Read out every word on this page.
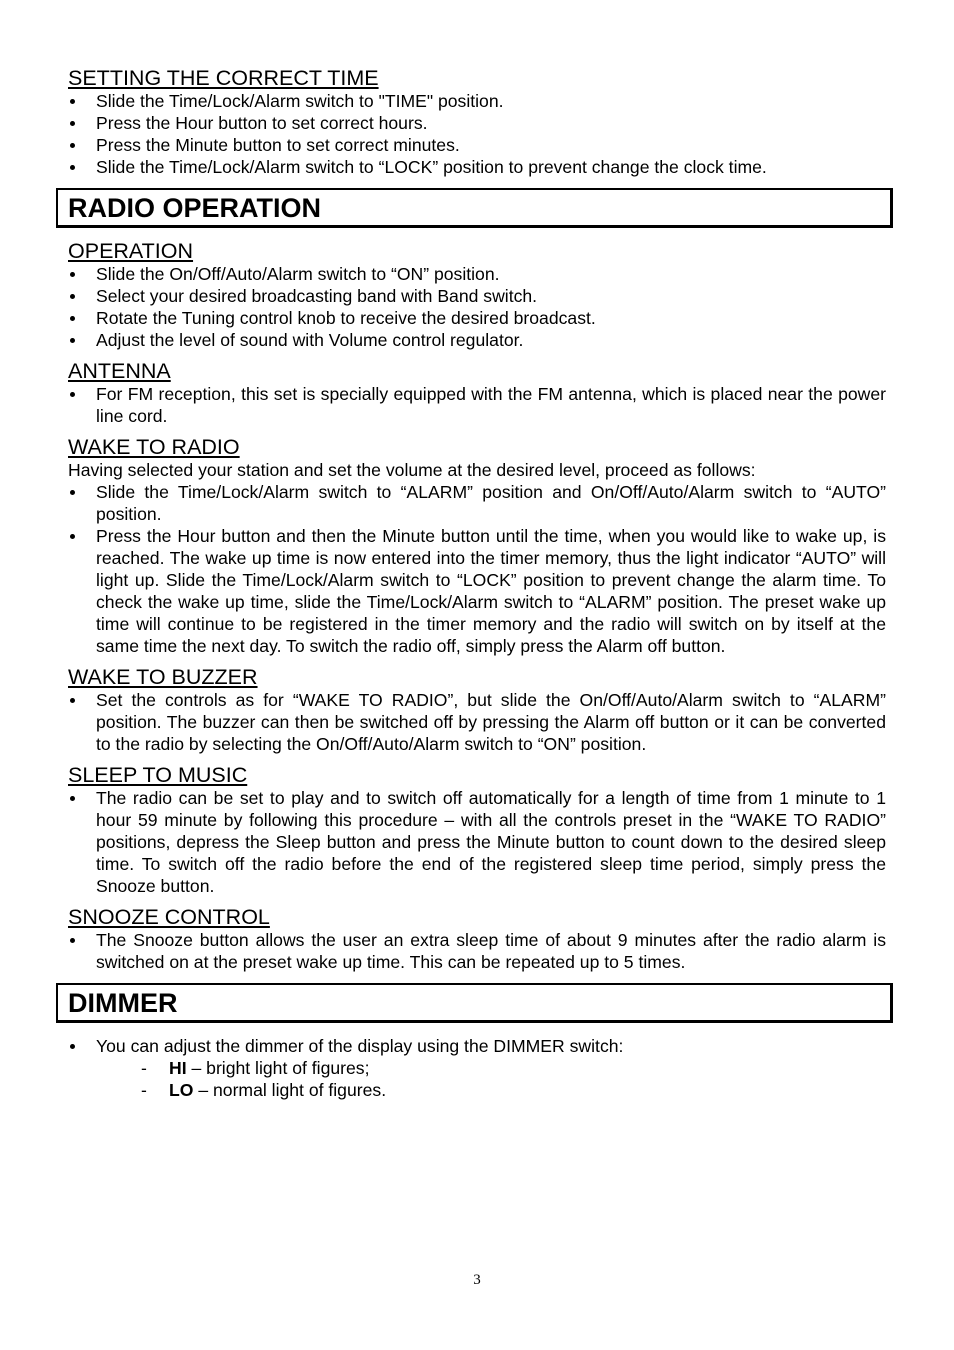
SETTING THE CORRECT TIME
Slide the Time/Lock/Alarm switch to "TIME" position.
Press the Hour button to set correct hours.
Press the Minute button to set correct minutes.
Slide the Time/Lock/Alarm switch to “LOCK” position to prevent change the clock time.
RADIO OPERATION
OPERATION
Slide the On/Off/Auto/Alarm switch to “ON” position.
Select your desired broadcasting band with Band switch.
Rotate the Tuning control knob to receive the desired broadcast.
Adjust the level of sound with Volume control regulator.
ANTENNA
For FM reception, this set is specially equipped with the FM antenna, which is placed near the power line cord.
WAKE TO RADIO

Having selected your station and set the volume at the desired level, proceed as follows:

Slide the Time/Lock/Alarm switch to “ALARM” position and On/Off/Auto/Alarm switch to “AUTO” position.
Press the Hour button and then the Minute button until the time, when you would like to wake up, is reached. The wake up time is now entered into the timer memory, thus the light indicator “AUTO” will light up. Slide the Time/Lock/Alarm switch to “LOCK” position to prevent change the alarm time. To check the wake up time, slide the Time/Lock/Alarm switch to “ALARM” position. The preset wake up time will continue to be registered in the timer memory and the radio will switch on by itself at the same time the next day. To switch the radio off, simply press the Alarm off button.
WAKE TO BUZZER
Set the controls as for “WAKE TO RADIO”, but slide the On/Off/Auto/Alarm switch to “ALARM” position. The buzzer can then be switched off by pressing the Alarm off button or it can be converted to the radio by selecting the On/Off/Auto/Alarm switch to “ON” position.
SLEEP TO MUSIC
The radio can be set to play and to switch off automatically for a length of time from 1 minute to 1 hour 59 minute by following this procedure – with all the controls preset in the “WAKE TO RADIO” positions, depress the Sleep button and press the Minute button to count down to the desired sleep time. To switch off the radio before the end of the registered sleep time period, simply press the Snooze button.
SNOOZE CONTROL
The Snooze button allows the user an extra sleep time of about 9 minutes after the radio alarm is switched on at the preset wake up time. This can be repeated up to 5 times.
DIMMER
You can adjust the dimmer of the display using the DIMMER switch:
- HI – bright light of figures;
- LO – normal light of figures.
3
